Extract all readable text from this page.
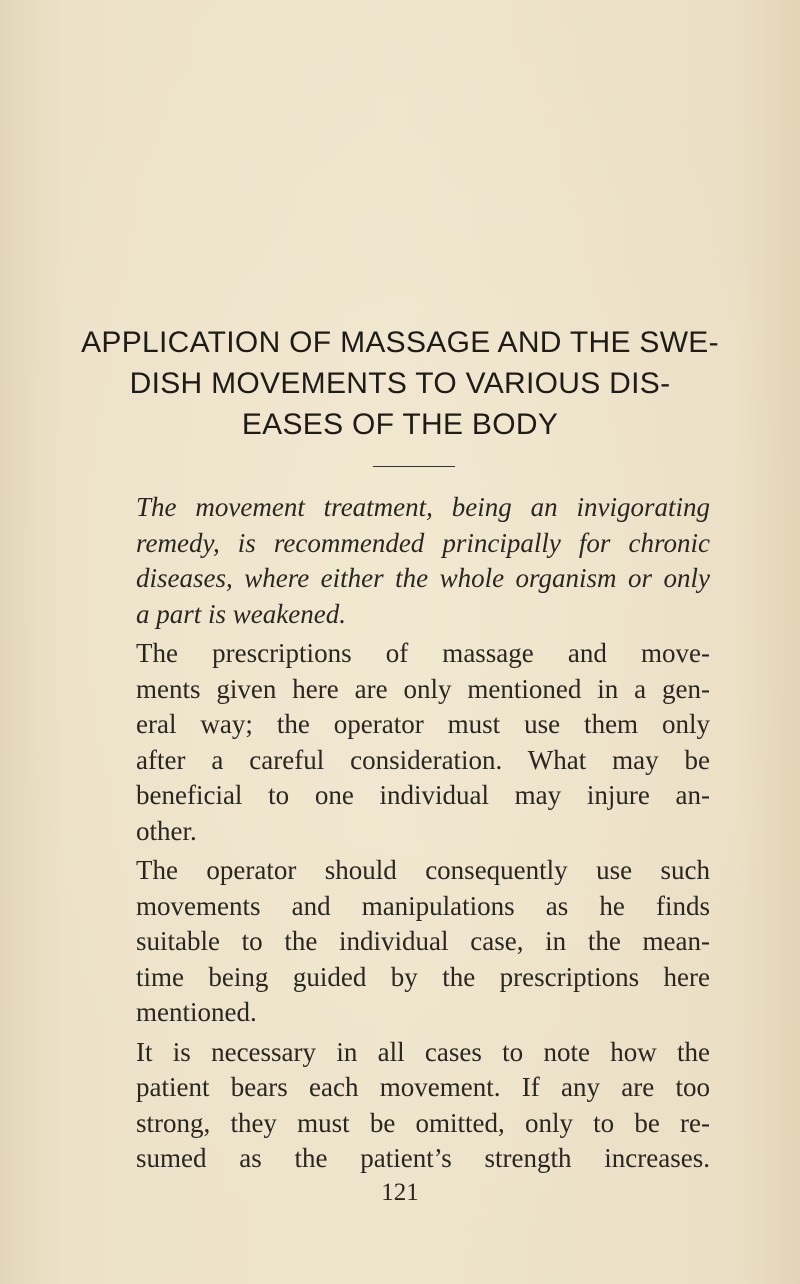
APPLICATION OF MASSAGE AND THE SWE-
DISH MOVEMENTS TO VARIOUS DIS-
EASES OF THE BODY
The movement treatment, being an invigorating
remedy, is recommended principally for chronic
diseases, where either the whole organism or only
a part is weakened.
The prescriptions of massage and move-
ments given here are only mentioned in a gen-
eral way; the operator must use them only
after a careful consideration. What may be
beneficial to one individual may injure an-
other.
The operator should consequently use such
movements and manipulations as he finds
suitable to the individual case, in the mean-
time being guided by the prescriptions here
mentioned.
It is necessary in all cases to note how the
patient bears each movement. If any are too
strong, they must be omitted, only to be re-
sumed as the patient’s strength increases.
121
